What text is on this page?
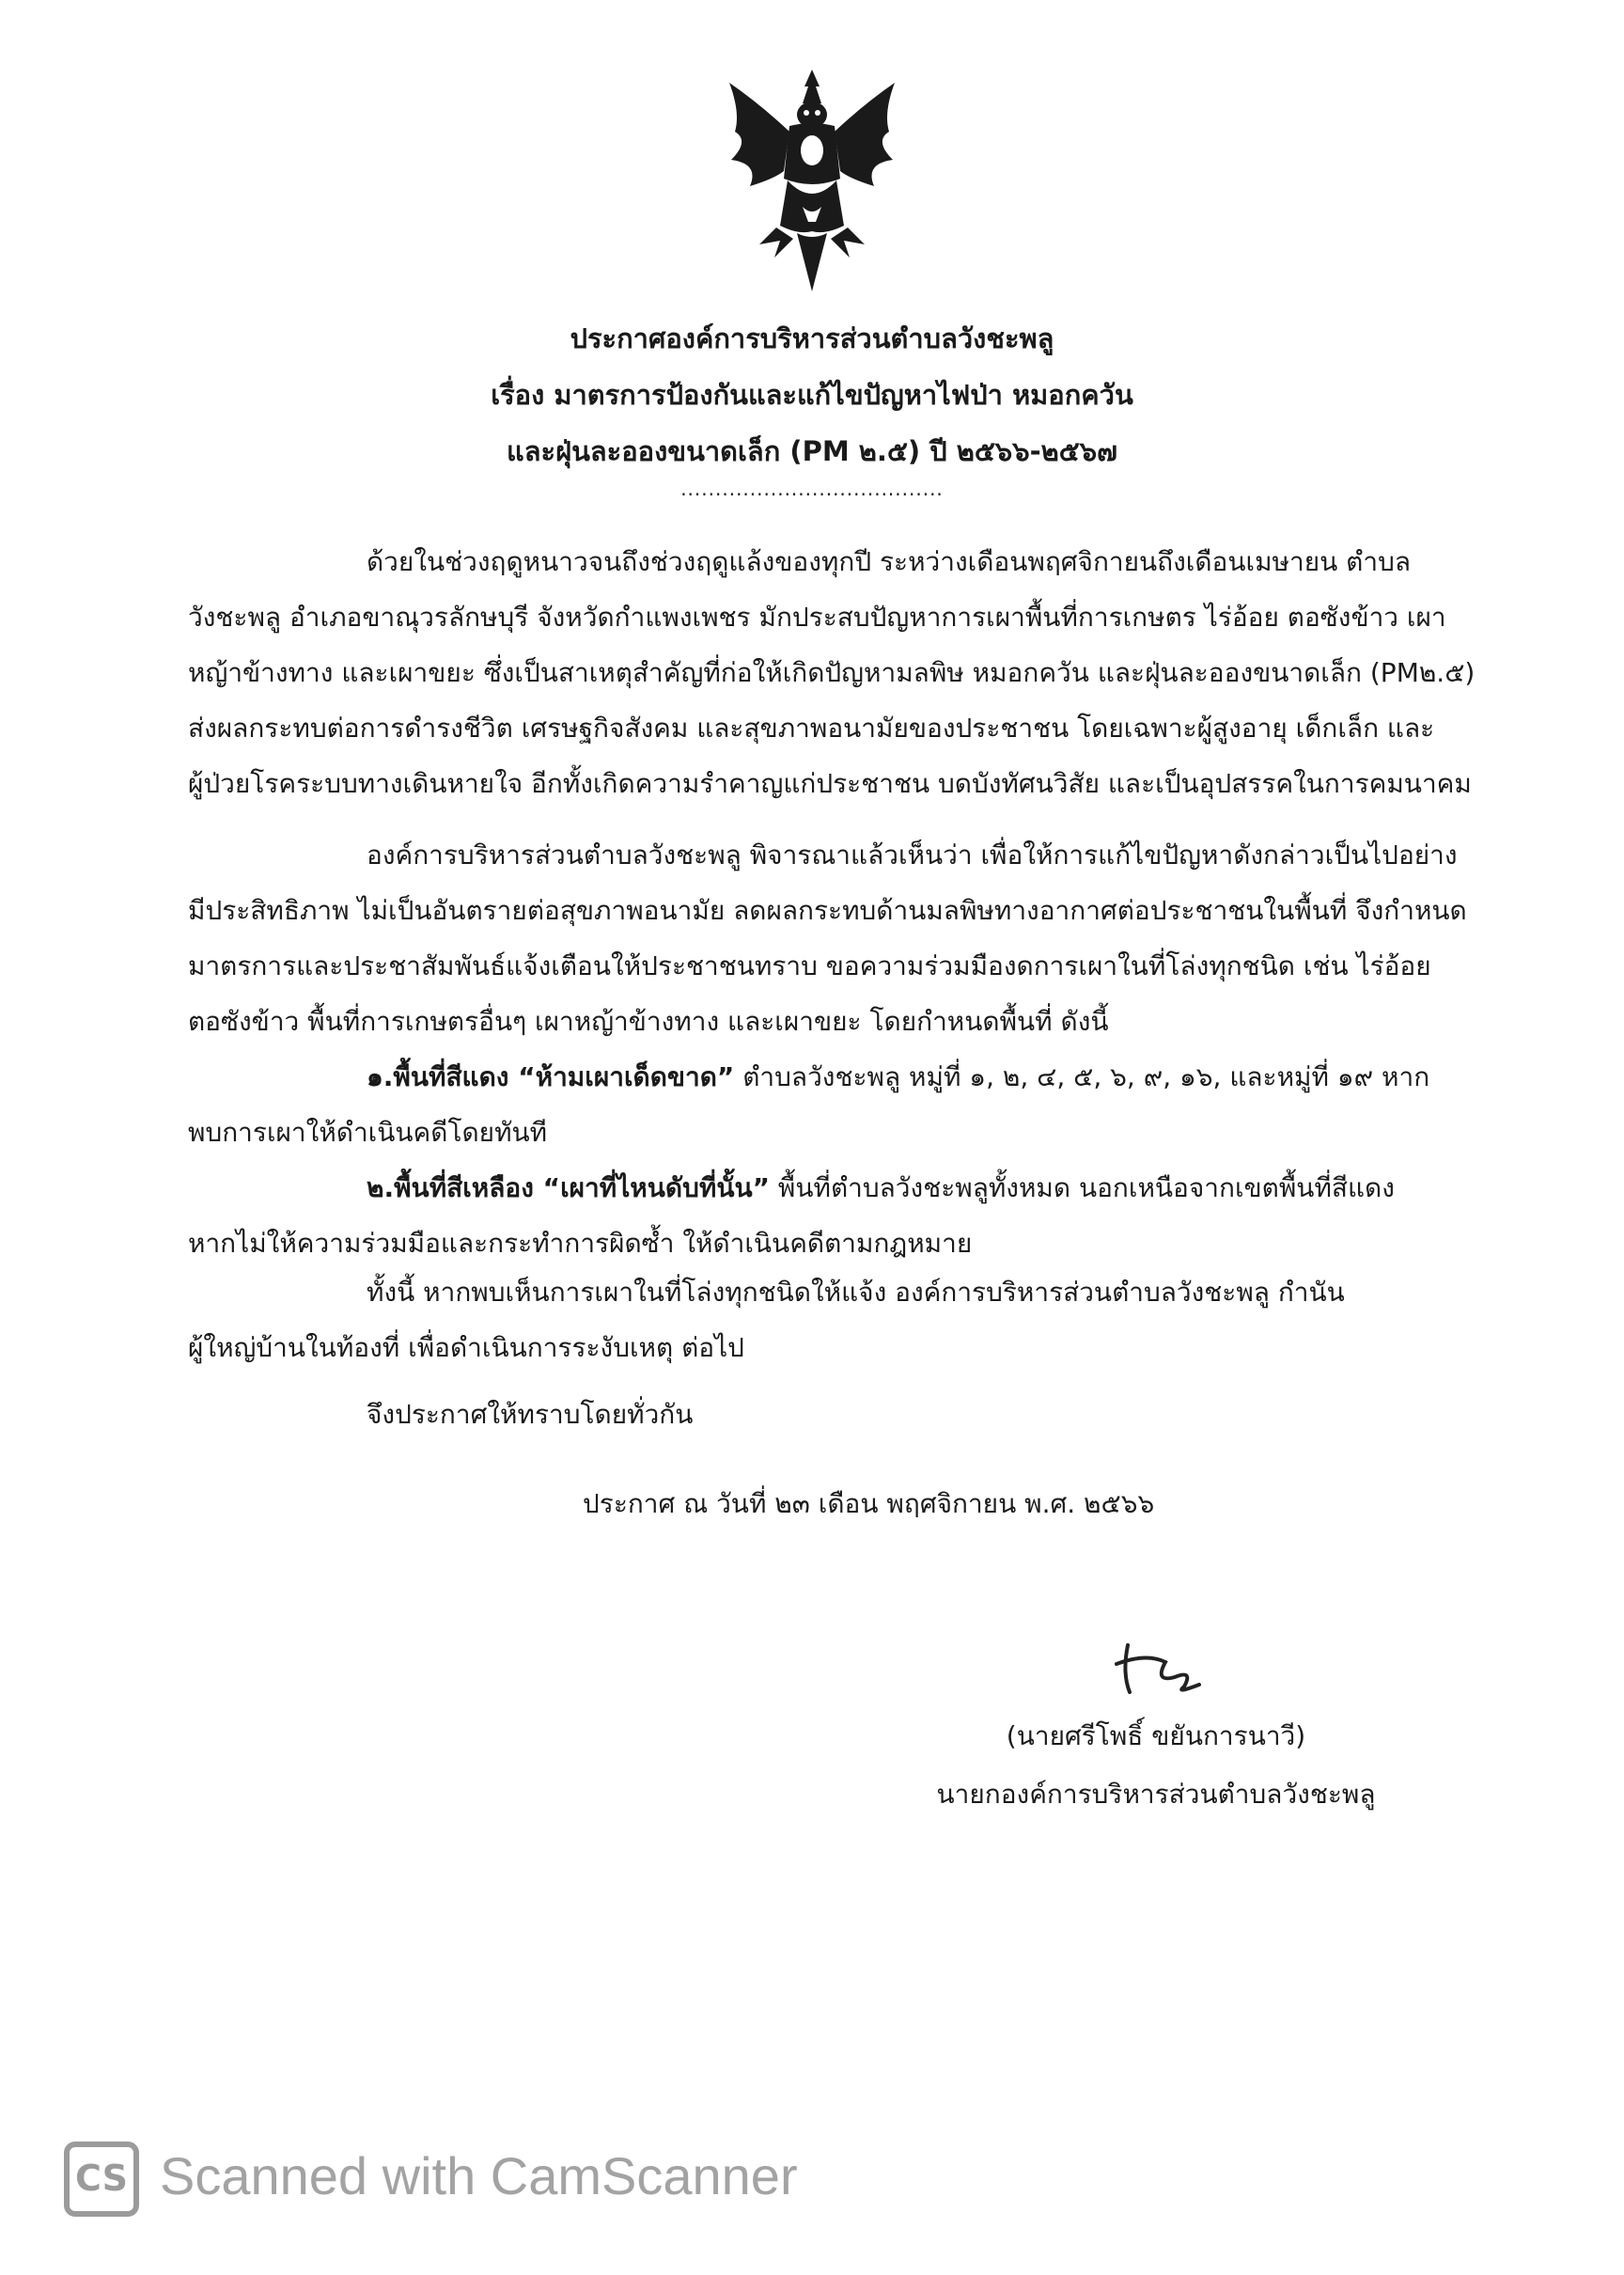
ประกาศองค์การบริหารส่วนตำบลวังชะพลู
เรื่อง มาตรการป้องกันและแก้ไขปัญหาไฟป่า หมอกควัน
และฝุ่นละอองขนาดเล็ก (PM ๒.๕) ปี ๒๕๖๖-๒๕๖๗
......................................
ด้วยในช่วงฤดูหนาวจนถึงช่วงฤดูแล้งของทุกปี ระหว่างเดือนพฤศจิกายนถึงเดือนเมษายน ตำบล
วังชะพลู อำเภอขาณุวรลักษบุรี จังหวัดกำแพงเพชร มักประสบปัญหาการเผาพื้นที่การเกษตร ไร่อ้อย ตอซังข้าว เผา
หญ้าข้างทาง และเผาขยะ ซึ่งเป็นสาเหตุสำคัญที่ก่อให้เกิดปัญหามลพิษ หมอกควัน และฝุ่นละอองขนาดเล็ก (PM๒.๕)
ส่งผลกระทบต่อการดำรงชีวิต เศรษฐกิจสังคม และสุขภาพอนามัยของประชาชน โดยเฉพาะผู้สูงอายุ เด็กเล็ก และ
ผู้ป่วยโรคระบบทางเดินหายใจ อีกทั้งเกิดความรำคาญแก่ประชาชน บดบังทัศนวิสัย และเป็นอุปสรรคในการคมนาคม
องค์การบริหารส่วนตำบลวังชะพลู พิจารณาแล้วเห็นว่า เพื่อให้การแก้ไขปัญหาดังกล่าวเป็นไปอย่าง
มีประสิทธิภาพ ไม่เป็นอันตรายต่อสุขภาพอนามัย ลดผลกระทบด้านมลพิษทางอากาศต่อประชาชนในพื้นที่ จึงกำหนด
มาตรการและประชาสัมพันธ์แจ้งเตือนให้ประชาชนทราบ ขอความร่วมมืองดการเผาในที่โล่งทุกชนิด เช่น ไร่อ้อย
ตอซังข้าว พื้นที่การเกษตรอื่นๆ เผาหญ้าข้างทาง และเผาขยะ โดยกำหนดพื้นที่ ดังนี้
๑.พื้นที่สีแดง “ห้ามเผาเด็ดขาด” ตำบลวังชะพลู หมู่ที่ ๑, ๒, ๔, ๕, ๖, ๙, ๑๖, และหมู่ที่ ๑๙ หาก
พบการเผาให้ดำเนินคดีโดยทันที
๒.พื้นที่สีเหลือง “เผาที่ไหนดับที่นั้น” พื้นที่ตำบลวังชะพลูทั้งหมด นอกเหนือจากเขตพื้นที่สีแดง
หากไม่ให้ความร่วมมือและกระทำการผิดซ้ำ ให้ดำเนินคดีตามกฎหมาย
ทั้งนี้ หากพบเห็นการเผาในที่โล่งทุกชนิดให้แจ้ง องค์การบริหารส่วนตำบลวังชะพลู กำนัน
ผู้ใหญ่บ้านในท้องที่ เพื่อดำเนินการระงับเหตุ ต่อไป
จึงประกาศให้ทราบโดยทั่วกัน
ประกาศ ณ วันที่ ๒๓ เดือน พฤศจิกายน พ.ศ. ๒๕๖๖
(นายศรีโพธิ์ ขยันการนาวี)
นายกองค์การบริหารส่วนตำบลวังชะพลู
CS Scanned with CamScanner
